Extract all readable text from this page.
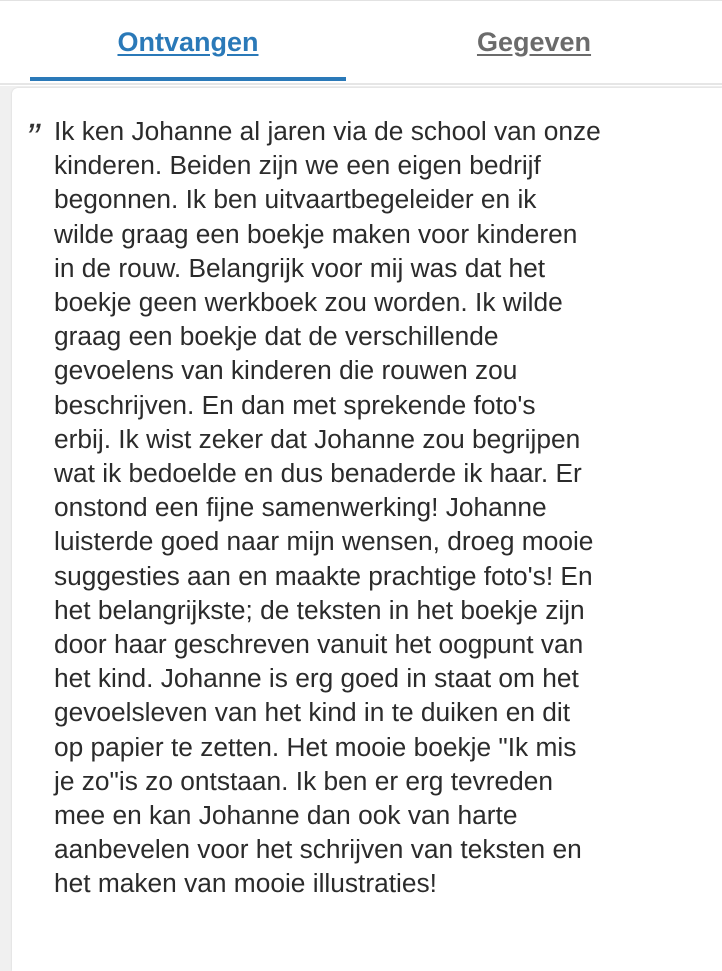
Ontvangen	Gegeven
” Ik ken Johanne al jaren via de school van onze
kinderen. Beiden zijn we een eigen bedrijf
begonnen. Ik ben uitvaartbegeleider en ik
wilde graag een boekje maken voor kinderen
in de rouw. Belangrijk voor mij was dat het
boekje geen werkboek zou worden. Ik wilde
graag een boekje dat de verschillende
gevoelens van kinderen die rouwen zou
beschrijven. En dan met sprekende foto's
erbij. Ik wist zeker dat Johanne zou begrijpen
wat ik bedoelde en dus benaderde ik haar. Er
onstond een fijne samenwerking! Johanne
luisterde goed naar mijn wensen, droeg mooie
suggesties aan en maakte prachtige foto's! En
het belangrijkste; de teksten in het boekje zijn
door haar geschreven vanuit het oogpunt van
het kind. Johanne is erg goed in staat om het
gevoelsleven van het kind in te duiken en dit
op papier te zetten. Het mooie boekje "Ik mis
je zo"is zo ontstaan. Ik ben er erg tevreden
mee en kan Johanne dan ook van harte
aanbevelen voor het schrijven van teksten en
het maken van mooie illustraties!
